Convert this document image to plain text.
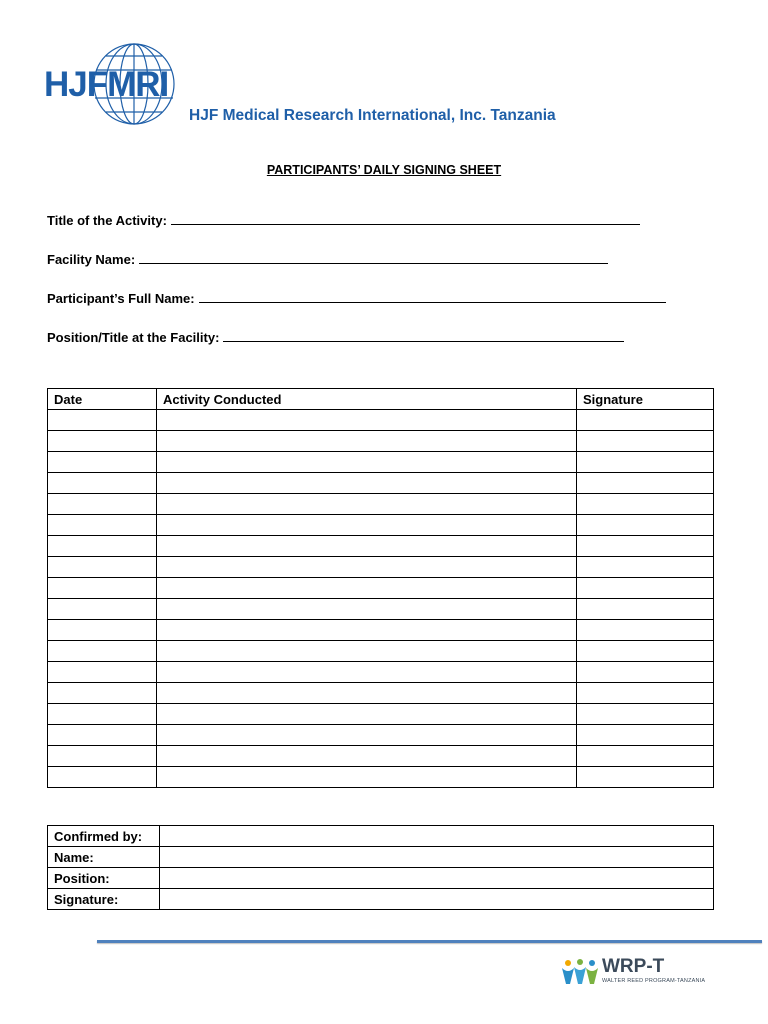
HJFMRI
HJF Medical Research International, Inc. Tanzania
PARTICIPANTS’ DAILY SIGNING SHEET
Title of the Activity:
Facility Name:
Participant’s Full Name:
Position/Title at the Facility:
Date	Activity Conducted	Signature

Confirmed by:	
Name:	
Position:	
Signature:	
WRP-T
WALTER REED PROGRAM-TANZANIA
